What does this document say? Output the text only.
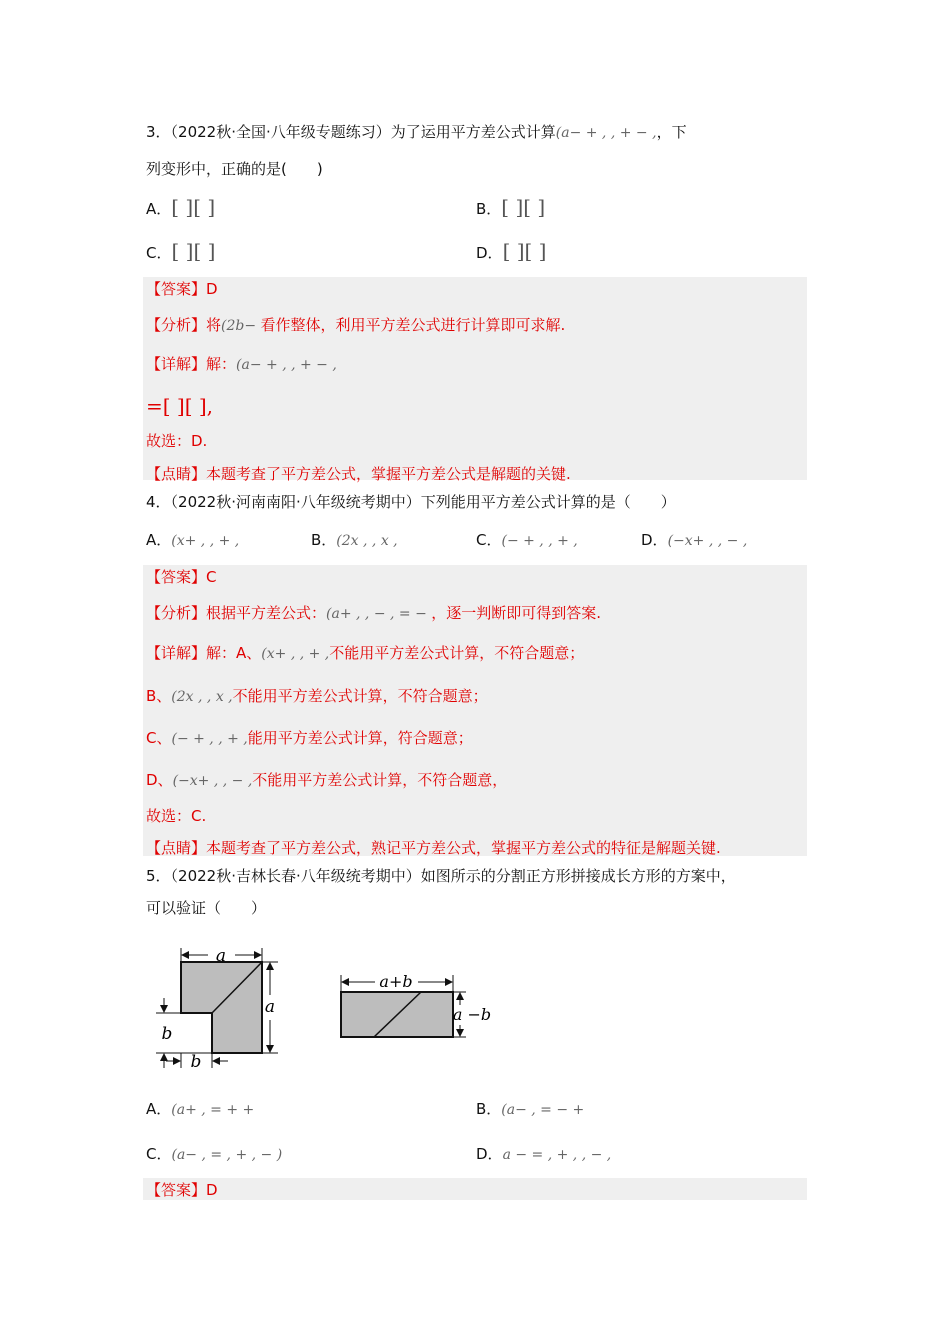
3．（2022秋·全国·八年级专题练习）为了运用平方差公式计算(a− + , , + − ,，下
列变形中，正确的是(　　)
A．[ ][ ]	B．[ ][ ]
C．[ ][ ]	D．[ ][ ]
【答案】D
【分析】将(2b− 看作整体，利用平方差公式进行计算即可求解.
【详解】解：(a− + , , + − ,
=[ ][ ],
故选：D.
【点睛】本题考查了平方差公式，掌握平方差公式是解题的关键.
4．（2022秋·河南南阳·八年级统考期中）下列能用平方差公式计算的是（　　）
A．(x+ , , + ,	B．(2x , , x ,	C．(− + , , + ,	D．(−x+ , , − ,
【答案】C
【分析】根据平方差公式：(a+ , , − , = − ，逐一判断即可得到答案.
【详解】解：A、(x+ , , + ,不能用平方差公式计算，不符合题意；
B、(2x , , x ,不能用平方差公式计算，不符合题意；
C、(− + , , + ,能用平方差公式计算，符合题意；
D、(−x+ , , − ,不能用平方差公式计算，不符合题意，
故选：C.
【点睛】本题考查了平方差公式，熟记平方差公式，掌握平方差公式的特征是解题关键.
5．（2022秋·吉林长春·八年级统考期中）如图所示的分割正方形拼接成长方形的方案中，
可以验证（　　）
a
a
b
b
a+b
a −b
A．(a+ , = + +	B．(a− , = − +
C．(a− , = , + , − )	D．a − = , + , , − ,
【答案】D
